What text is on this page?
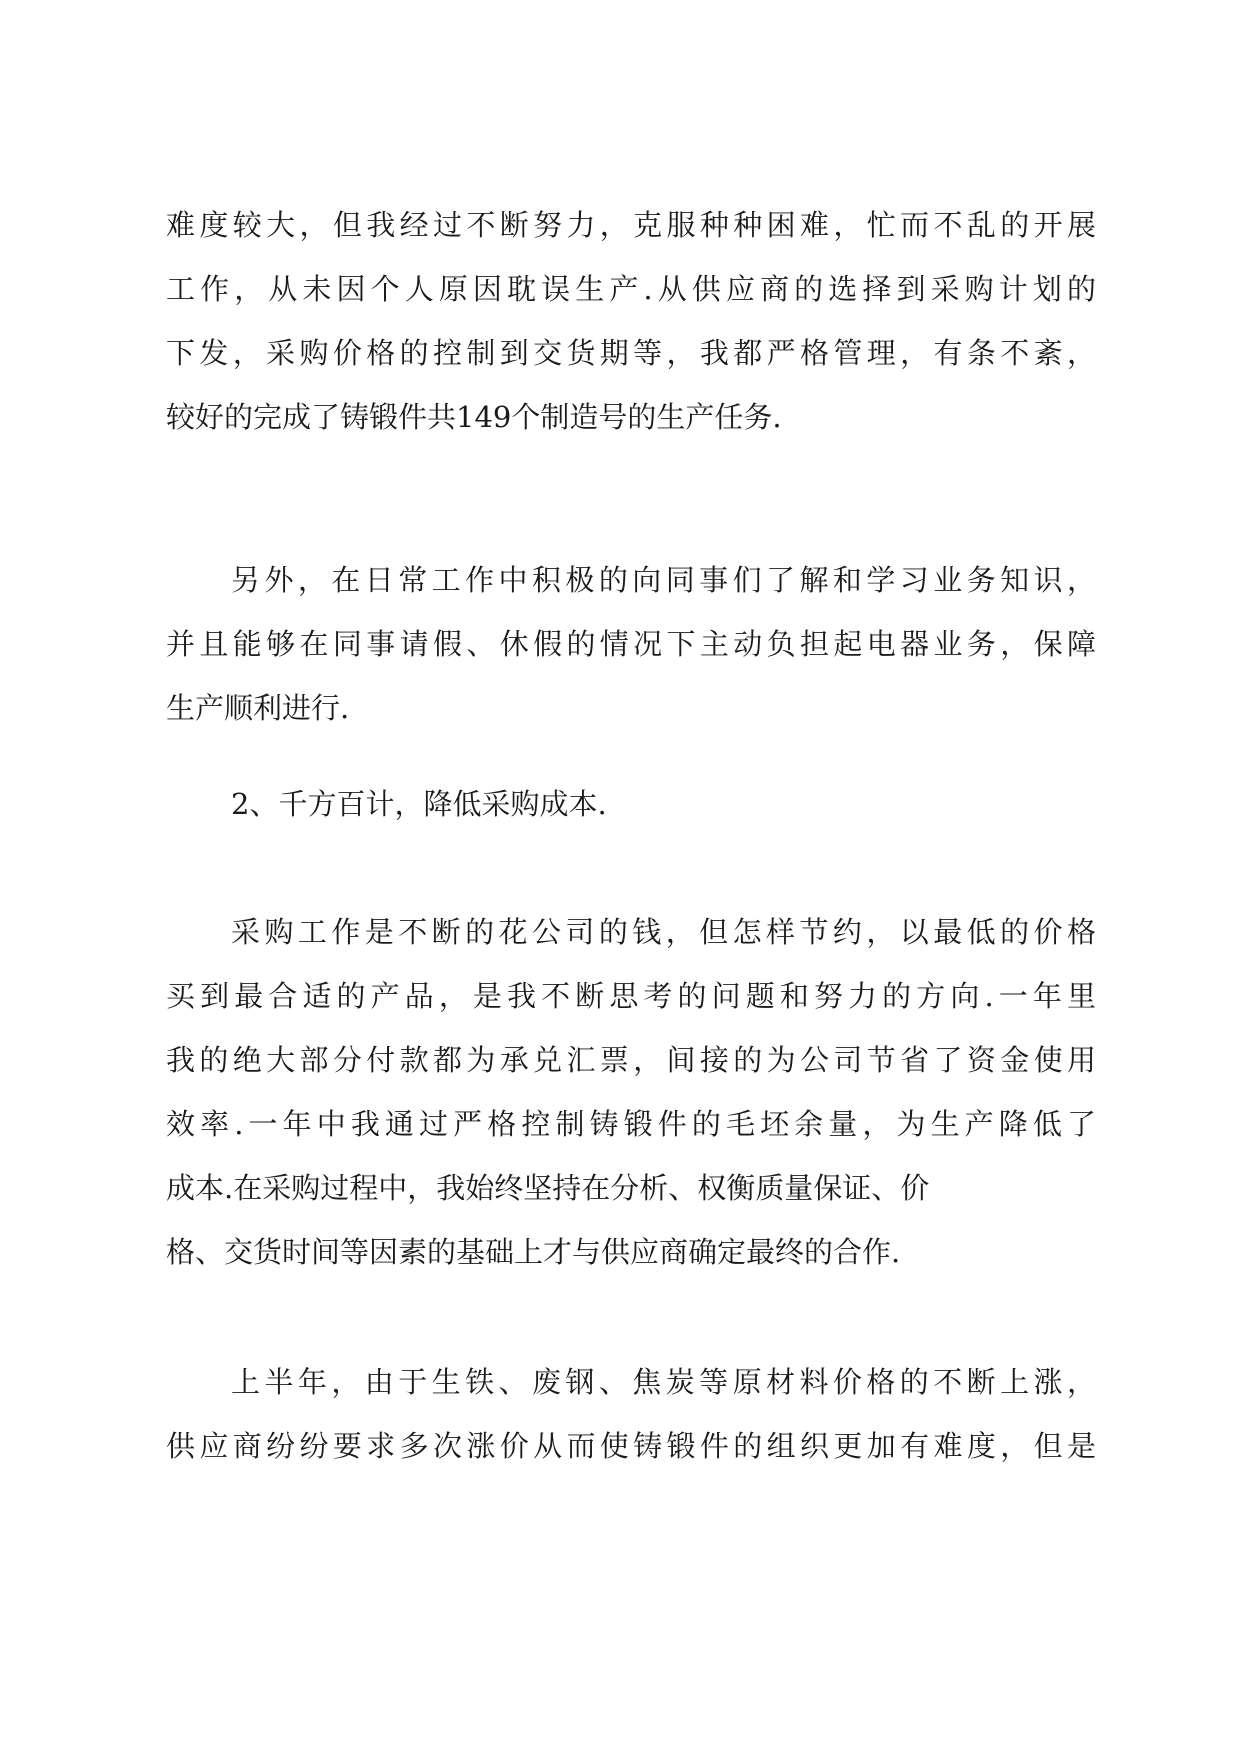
难度较大，但我经过不断努力，克服种种困难，忙而不乱的开展
工作，从未因个人原因耽误生产.从供应商的选择到采购计划的
下发，采购价格的控制到交货期等，我都严格管理，有条不紊，
较好的完成了铸锻件共149个制造号的生产任务.
另外，在日常工作中积极的向同事们了解和学习业务知识，
并且能够在同事请假、休假的情况下主动负担起电器业务，保障
生产顺利进行.
2、千方百计，降低采购成本.
采购工作是不断的花公司的钱，但怎样节约，以最低的价格
买到最合适的产品，是我不断思考的问题和努力的方向.一年里
我的绝大部分付款都为承兑汇票，间接的为公司节省了资金使用
效率.一年中我通过严格控制铸锻件的毛坯余量，为生产降低了
成本.在采购过程中，我始终坚持在分析、权衡质量保证、价
格、交货时间等因素的基础上才与供应商确定最终的合作.
上半年，由于生铁、废钢、焦炭等原材料价格的不断上涨，
供应商纷纷要求多次涨价从而使铸锻件的组织更加有难度，但是
